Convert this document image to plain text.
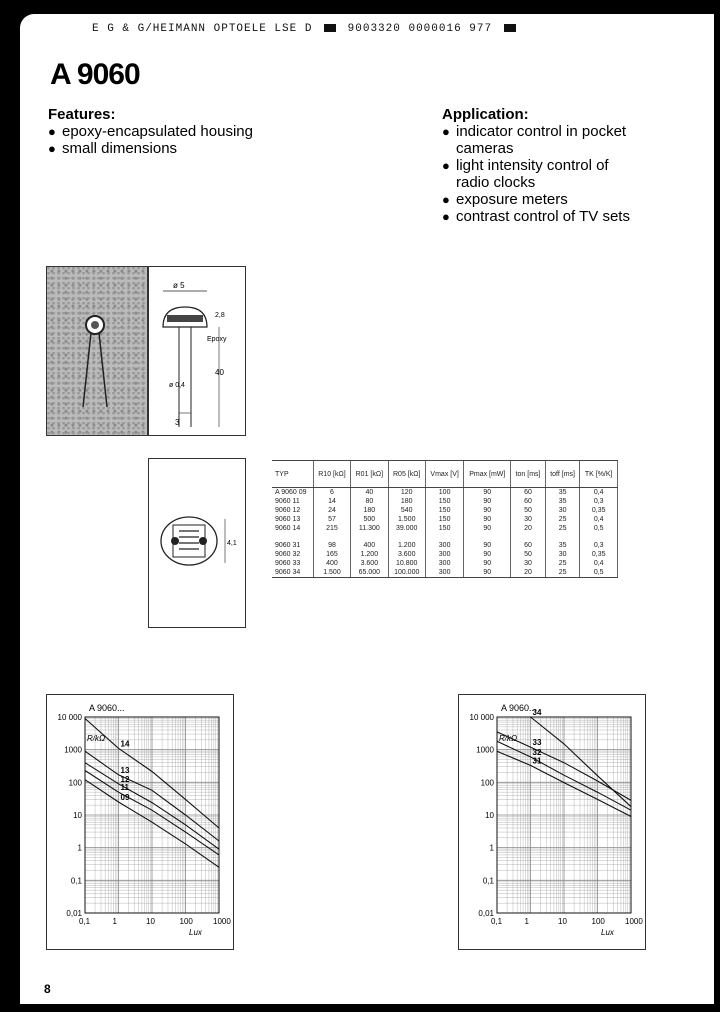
E G & G/HEIMANN OPTOELE LSE D	9003320 0000016 977
A 9060
Features:
● epoxy-encapsulated housing
● small dimensions
Application:
● indicator control in pocket cameras
● light intensity control of radio clocks
● exposure meters
● contrast control of TV sets
ø 5
2,8
Epoxy
40
ø 0,4
3
4,1
TYP	R10 [kΩ]	R01 [kΩ]	R05 [kΩ]	Vmax [V]	Pmax [mW]	ton [ms]	toff [ms]	TK [%/K]
A 9060 09	6	40	120	100	90	60	35	0,4
9060 11	14	80	180	150	90	60	35	0,3
9060 12	24	180	540	150	90	50	30	0,35
9060 13	57	500	1.500	150	90	30	25	0,4
9060 14	215	11.300	39.000	150	90	20	25	0,5

9060 31	98	400	1.200	300	90	60	35	0,3
9060 32	165	1.200	3.600	300	90	50	30	0,35
9060 33	400	3.600	10.800	300	90	30	25	0,4
9060 34	1.500	65.000	100.000	300	90	20	25	0,5
0,1	1	10	100	1000
10 000
1000
100
10
1
0,1
0,01
A 9060...
R/kΩ
Lux
14
13
12
11
09
0,1	1	10	100	1000
10 000
1000
100
10
1
0,1
0,01
A 9060...
R/kΩ
Lux
34
33
32
31
8
